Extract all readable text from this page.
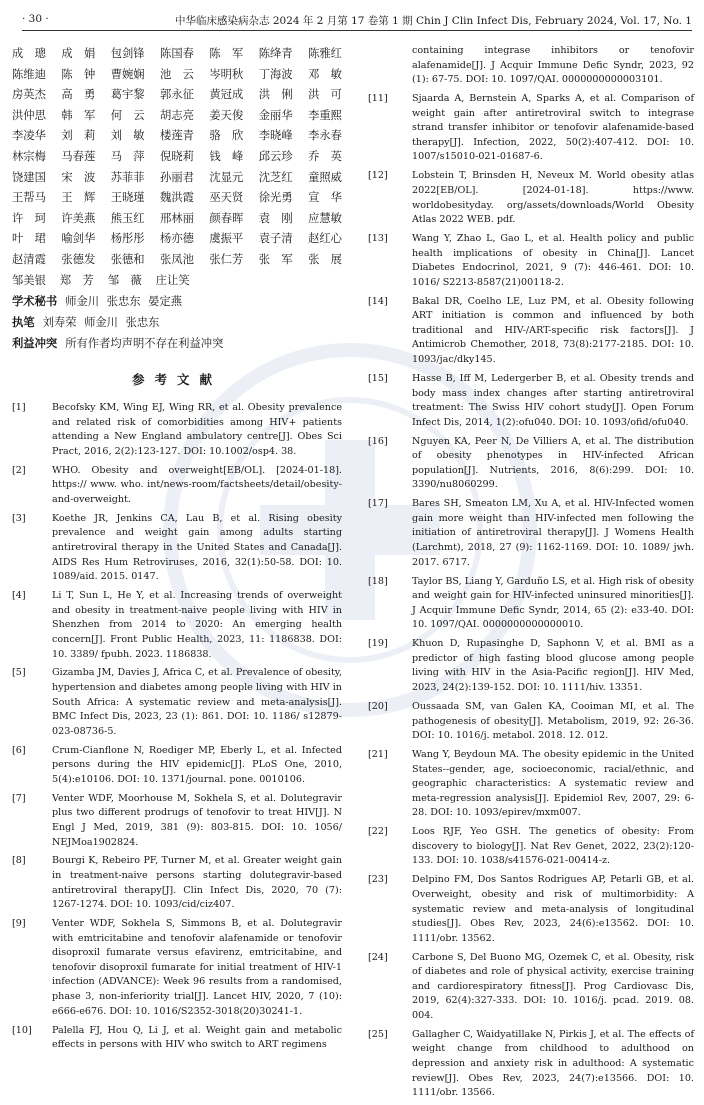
· 30 ·	中华临床感染病杂志 2024 年 2 月第 17 卷第 1 期 Chin J Clin Infect Dis, February 2024, Vol. 17, No. 1
成　璁 成　娟 包剑锋 陈国春 陈　军 陈绛青 陈雅红
陈维迪 陈　钟 曹婉娴 池　云 岑明秋 丁海波 邓　敏
房英杰 高　勇 葛宇黎 郭永征 黄冠成 洪　俐 洪　可
洪仲思 韩　军 何　云 胡志亮 姜天俊 金丽华 李重熙
李凌华 刘　莉 刘　敏 楼莲青 骆　欣 李晓峰 李永春
林宗梅 马春莲 马　萍 倪晓莉 钱　峰 邱云珍 乔　英
饶建国 宋　波 苏菲菲 孙丽君 沈显元 沈芝红 童照威
王帮马 王　辉 王晓瑾 魏洪霞 巫天贤 徐光勇 宣　华
许　珂 许美燕 熊玉红 邢林丽 颜春晖 袁　刚 应慧敏
叶　珺 喻剑华 杨彤彤 杨亦德 虞振平 袁子清 赵红心
赵清霞 张德发 张德和 张凤池 张仁芳 张　军 张　展
邹美银 郑　芳 邹　薇 庄让笑
学术秘书 师金川 张忠东 晏定燕
执笔 刘寿荣 师金川 张忠东
利益冲突 所有作者均声明不存在利益冲突
参考文献
[1]	Becofsky KM, Wing EJ, Wing RR, et al. Obesity prevalence and related risk of comorbidities among HIV+ patients attending a New England ambulatory centre[J]. Obes Sci Pract, 2016, 2(2):123-127. DOI: 10.1002/osp4. 38.
[2]	WHO. Obesity and overweight[EB/OL]. [2024-01-18]. https:// www. who. int/news-room/factsheets/detail/obesity-and-overweight.
[3]	Koethe JR, Jenkins CA, Lau B, et al. Rising obesity prevalence and weight gain among adults starting antiretroviral therapy in the United States and Canada[J]. AIDS Res Hum Retroviruses, 2016, 32(1):50-58. DOI: 10. 1089/aid. 2015. 0147.
[4]	Li T, Sun L, He Y, et al. Increasing trends of overweight and obesity in treatment-naive people living with HIV in Shenzhen from 2014 to 2020: An emerging health concern[J]. Front Public Health, 2023, 11: 1186838. DOI: 10. 3389/ fpubh. 2023. 1186838.
[5]	Gizamba JM, Davies J, Africa C, et al. Prevalence of obesity, hypertension and diabetes among people living with HIV in South Africa: A systematic review and meta-analysis[J]. BMC Infect Dis, 2023, 23 (1): 861. DOI: 10. 1186/ s12879-023-08736-5.
[6]	Crum-Cianflone N, Roediger MP, Eberly L, et al. Infected persons during the HIV epidemic[J]. PLoS One, 2010, 5(4):e10106. DOI: 10. 1371/journal. pone. 0010106.
[7]	Venter WDF, Moorhouse M, Sokhela S, et al. Dolutegravir plus two different prodrugs of tenofovir to treat HIV[J]. N Engl J Med, 2019, 381 (9): 803-815. DOI: 10. 1056/ NEJMoa1902824.
[8]	Bourgi K, Rebeiro PF, Turner M, et al. Greater weight gain in treatment-naive persons starting dolutegravir-based antiretroviral therapy[J]. Clin Infect Dis, 2020, 70 (7): 1267-1274. DOI: 10. 1093/cid/ciz407.
[9]	Venter WDF, Sokhela S, Simmons B, et al. Dolutegravir with emtricitabine and tenofovir alafenamide or tenofovir disoproxil fumarate versus efavirenz, emtricitabine, and tenofovir disoproxil fumarate for initial treatment of HIV-1 infection (ADVANCE): Week 96 results from a randomised, phase 3, non-inferiority trial[J]. Lancet HIV, 2020, 7 (10): e666-e676. DOI: 10. 1016/S2352-3018(20)30241-1.
[10] Palella FJ, Hou Q, Li J, et al. Weight gain and metabolic effects in persons with HIV who switch to ART regimens
containing integrase inhibitors or tenofovir alafenamide[J]. J Acquir Immune Defic Syndr, 2023, 92 (1): 67-75. DOI: 10. 1097/QAI. 0000000000003101.
[11]	Sjaarda A, Bernstein A, Sparks A, et al. Comparison of weight gain after antiretroviral switch to integrase strand transfer inhibitor or tenofovir alafenamide-based therapy[J]. Infection, 2022, 50(2):407-412. DOI: 10. 1007/s15010-021-01687-6.
[12]	Lobstein T, Brinsden H, Neveux M. World obesity atlas 2022[EB/OL]. [2024-01-18]. https://www. worldobesityday. org/assets/downloads/World Obesity Atlas 2022 WEB. pdf.
[13]	Wang Y, Zhao L, Gao L, et al. Health policy and public health implications of obesity in China[J]. Lancet Diabetes Endocrinol, 2021, 9 (7): 446-461. DOI: 10. 1016/ S2213-8587(21)00118-2.
[14]	Bakal DR, Coelho LE, Luz PM, et al. Obesity following ART initiation is common and influenced by both traditional and HIV-/ART-specific risk factors[J]. J Antimicrob Chemother, 2018, 73(8):2177-2185. DOI: 10. 1093/jac/dky145.
[15]	Hasse B, Iff M, Ledergerber B, et al. Obesity trends and body mass index changes after starting antiretroviral treatment: The Swiss HIV cohort study[J]. Open Forum Infect Dis, 2014, 1(2):ofu040. DOI: 10. 1093/ofid/ofu040.
[16]	Nguyen KA, Peer N, De Villiers A, et al. The distribution of obesity phenotypes in HIV-infected African population[J]. Nutrients, 2016, 8(6):299. DOI: 10. 3390/nu8060299.
[17]	Bares SH, Smeaton LM, Xu A, et al. HIV-Infected women gain more weight than HIV-infected men following the initiation of antiretroviral therapy[J]. J Womens Health (Larchmt), 2018, 27 (9): 1162-1169. DOI: 10. 1089/ jwh. 2017. 6717.
[18]	Taylor BS, Liang Y, Garduño LS, et al. High risk of obesity and weight gain for HIV-infected uninsured minorities[J]. J Acquir Immune Defic Syndr, 2014, 65 (2): e33-40. DOI: 10. 1097/QAI. 0000000000000010.
[19]	Khuon D, Rupasinghe D, Saphonn V, et al. BMI as a predictor of high fasting blood glucose among people living with HIV in the Asia-Pacific region[J]. HIV Med, 2023, 24(2):139-152. DOI: 10. 1111/hiv. 13351.
[20]	Oussaada SM, van Galen KA, Cooiman MI, et al. The pathogenesis of obesity[J]. Metabolism, 2019, 92: 26-36. DOI: 10. 1016/j. metabol. 2018. 12. 012.
[21]	Wang Y, Beydoun MA. The obesity epidemic in the United States--gender, age, socioeconomic, racial/ethnic, and geographic characteristics: A systematic review and meta-regression analysis[J]. Epidemiol Rev, 2007, 29: 6-28. DOI: 10. 1093/epirev/mxm007.
[22]	Loos RJF, Yeo GSH. The genetics of obesity: From discovery to biology[J]. Nat Rev Genet, 2022, 23(2):120-133. DOI: 10. 1038/s41576-021-00414-z.
[23]	Delpino FM, Dos Santos Rodrigues AP, Petarli GB, et al. Overweight, obesity and risk of multimorbidity: A systematic review and meta-analysis of longitudinal studies[J]. Obes Rev, 2023, 24(6):e13562. DOI: 10. 1111/obr. 13562.
[24]	Carbone S, Del Buono MG, Ozemek C, et al. Obesity, risk of diabetes and role of physical activity, exercise training and cardiorespiratory fitness[J]. Prog Cardiovasc Dis, 2019, 62(4):327-333. DOI: 10. 1016/j. pcad. 2019. 08. 004.
[25]	Gallagher C, Waidyatillake N, Pirkis J, et al. The effects of weight change from childhood to adulthood on depression and anxiety risk in adulthood: A systematic review[J]. Obes Rev, 2023, 24(7):e13566. DOI: 10. 1111/obr. 13566.
